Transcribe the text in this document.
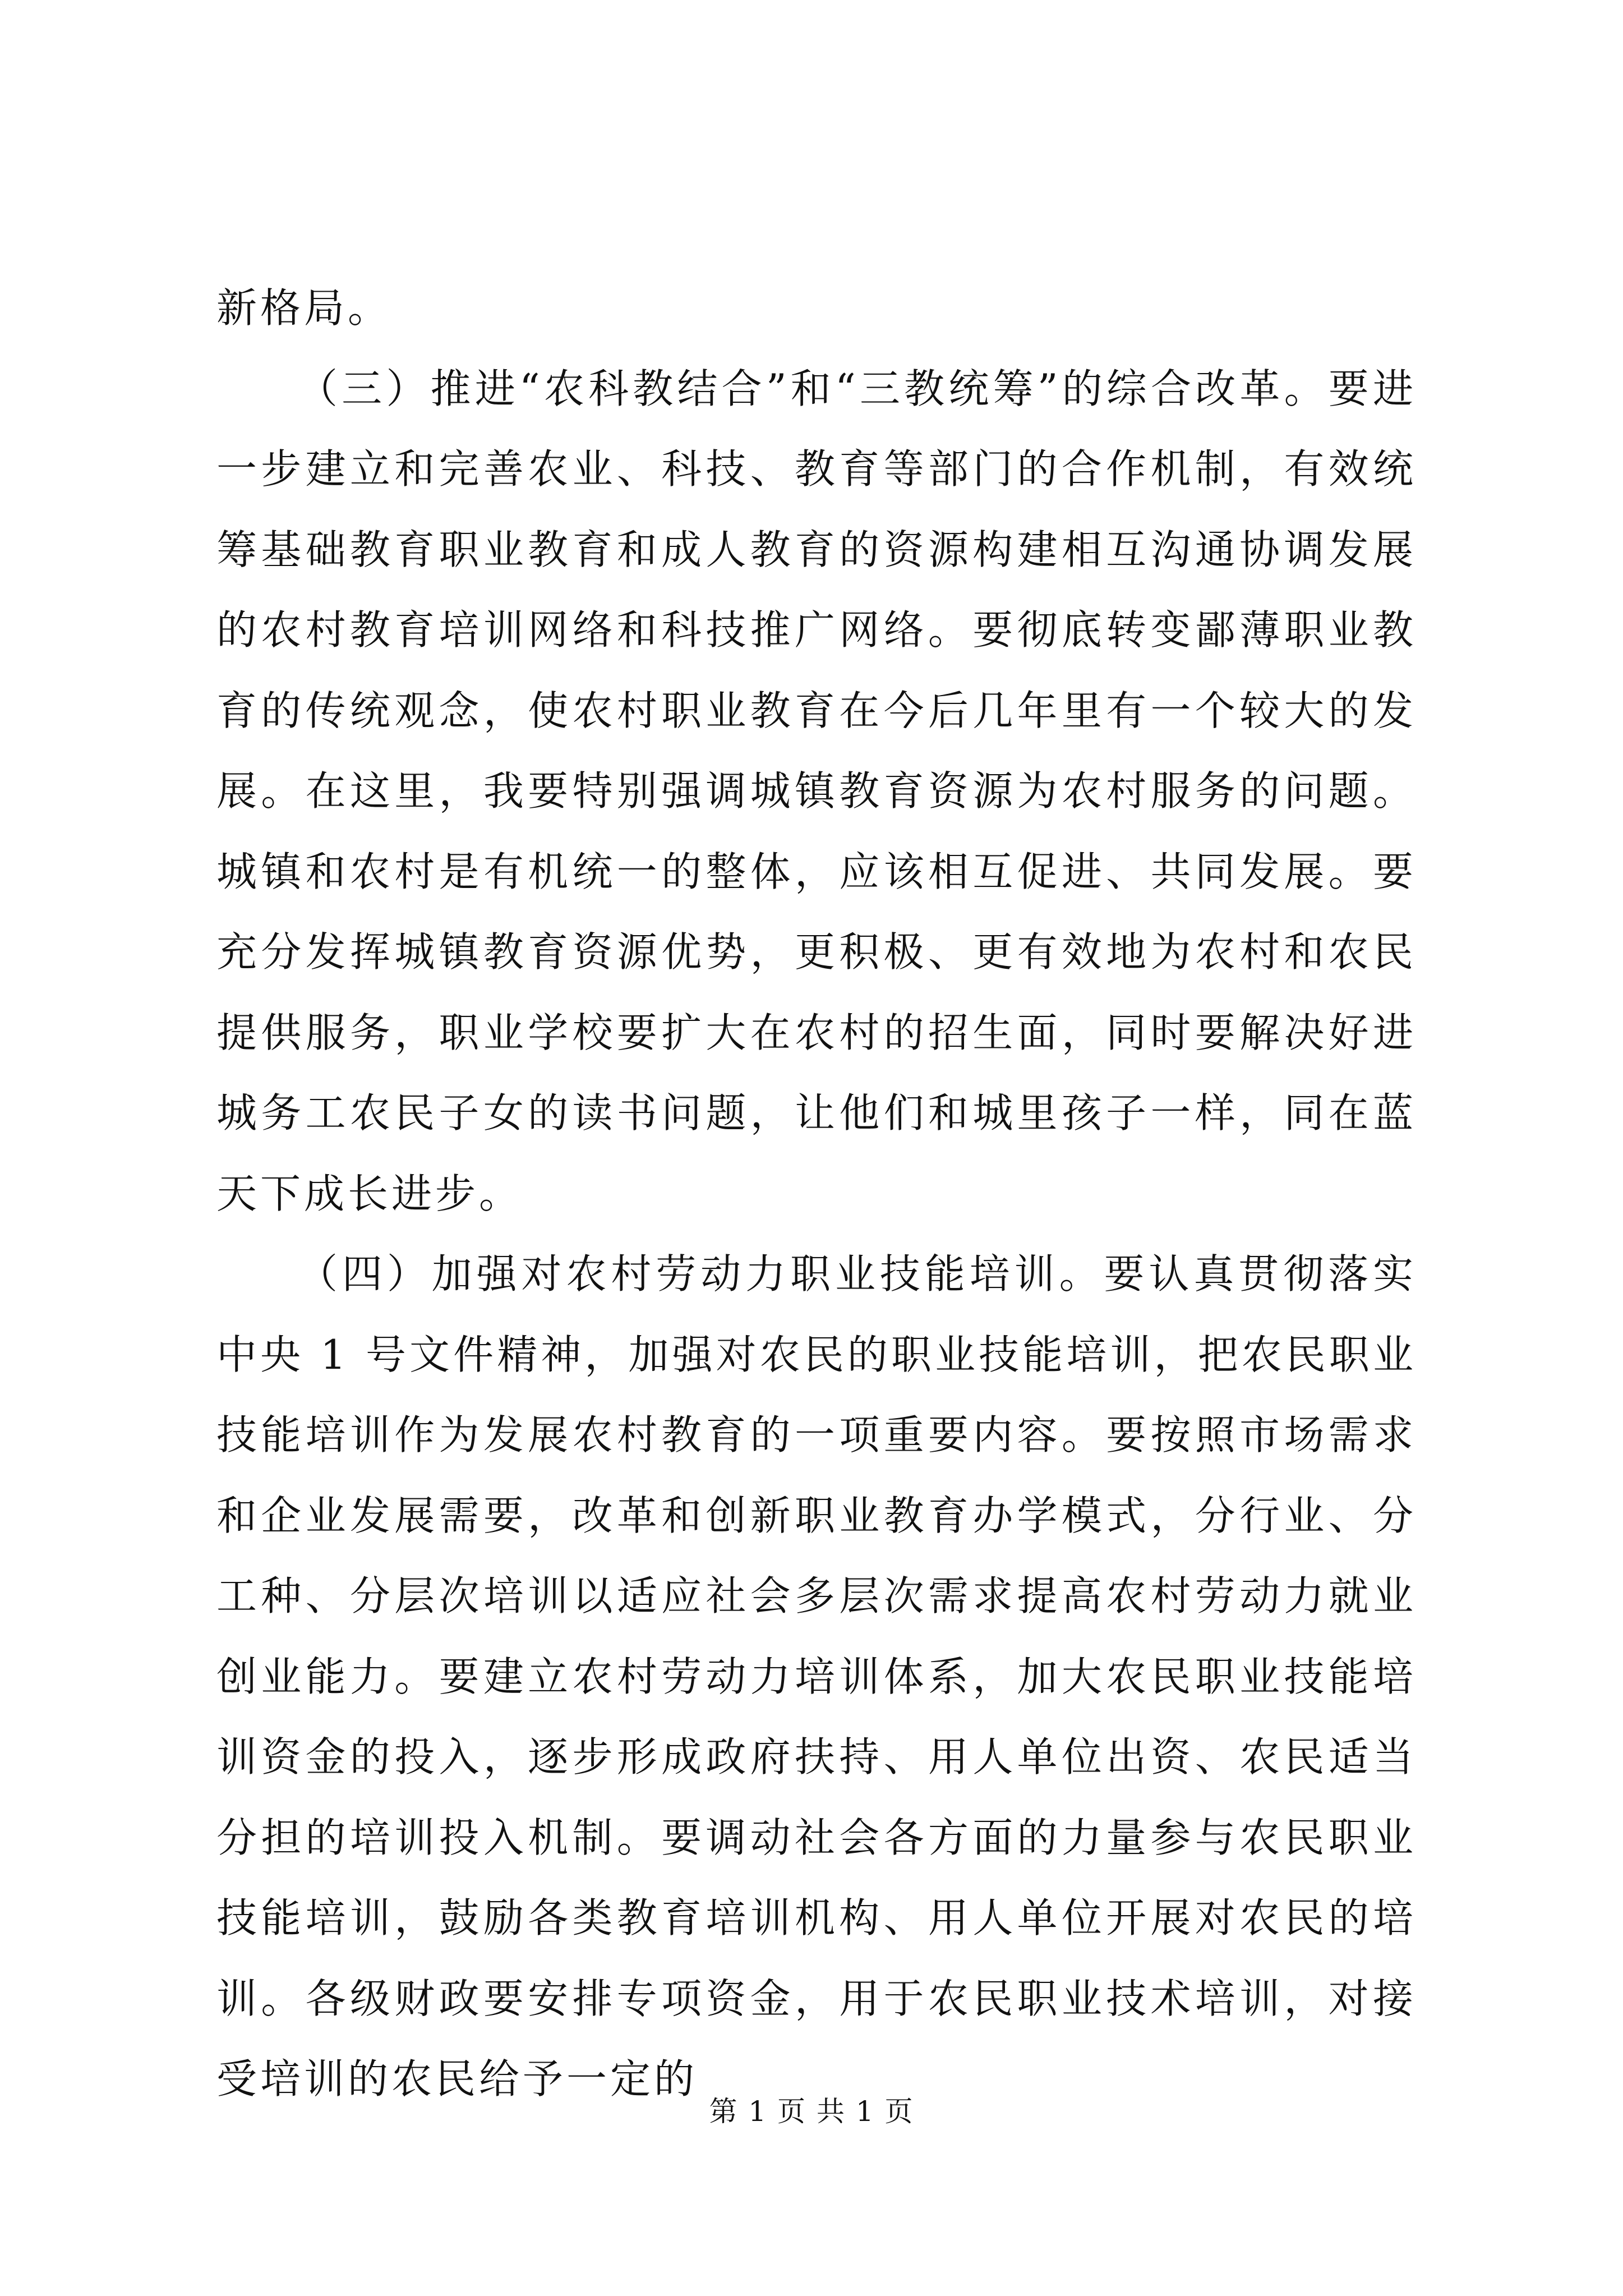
新格局。

（三）推进“农科教结合”和“三教统筹”的综合改革。要进一步建立和完善农业、科技、教育等部门的合作机制，有效统筹基础教育职业教育和成人教育的资源构建相互沟通协调发展的农村教育培训网络和科技推广网络。要彻底转变鄙薄职业教育的传统观念，使农村职业教育在今后几年里有一个较大的发展。在这里，我要特别强调城镇教育资源为农村服务的问题。城镇和农村是有机统一的整体，应该相互促进、共同发展。要充分发挥城镇教育资源优势，更积极、更有效地为农村和农民提供服务，职业学校要扩大在农村的招生面，同时要解决好进城务工农民子女的读书问题，让他们和城里孩子一样，同在蓝天下成长进步。

（四）加强对农村劳动力职业技能培训。要认真贯彻落实中央 1 号文件精神，加强对农民的职业技能培训，把农民职业技能培训作为发展农村教育的一项重要内容。要按照市场需求和企业发展需要，改革和创新职业教育办学模式，分行业、分工种、分层次培训以适应社会多层次需求提高农村劳动力就业创业能力。要建立农村劳动力培训体系，加大农民职业技能培训资金的投入，逐步形成政府扶持、用人单位出资、农民适当分担的培训投入机制。要调动社会各方面的力量参与农民职业技能培训，鼓励各类教育培训机构、用人单位开展对农民的培训。各级财政要安排专项资金，用于农民职业技术培训，对接受培训的农民给予一定的

第 1 页 共 1 页
